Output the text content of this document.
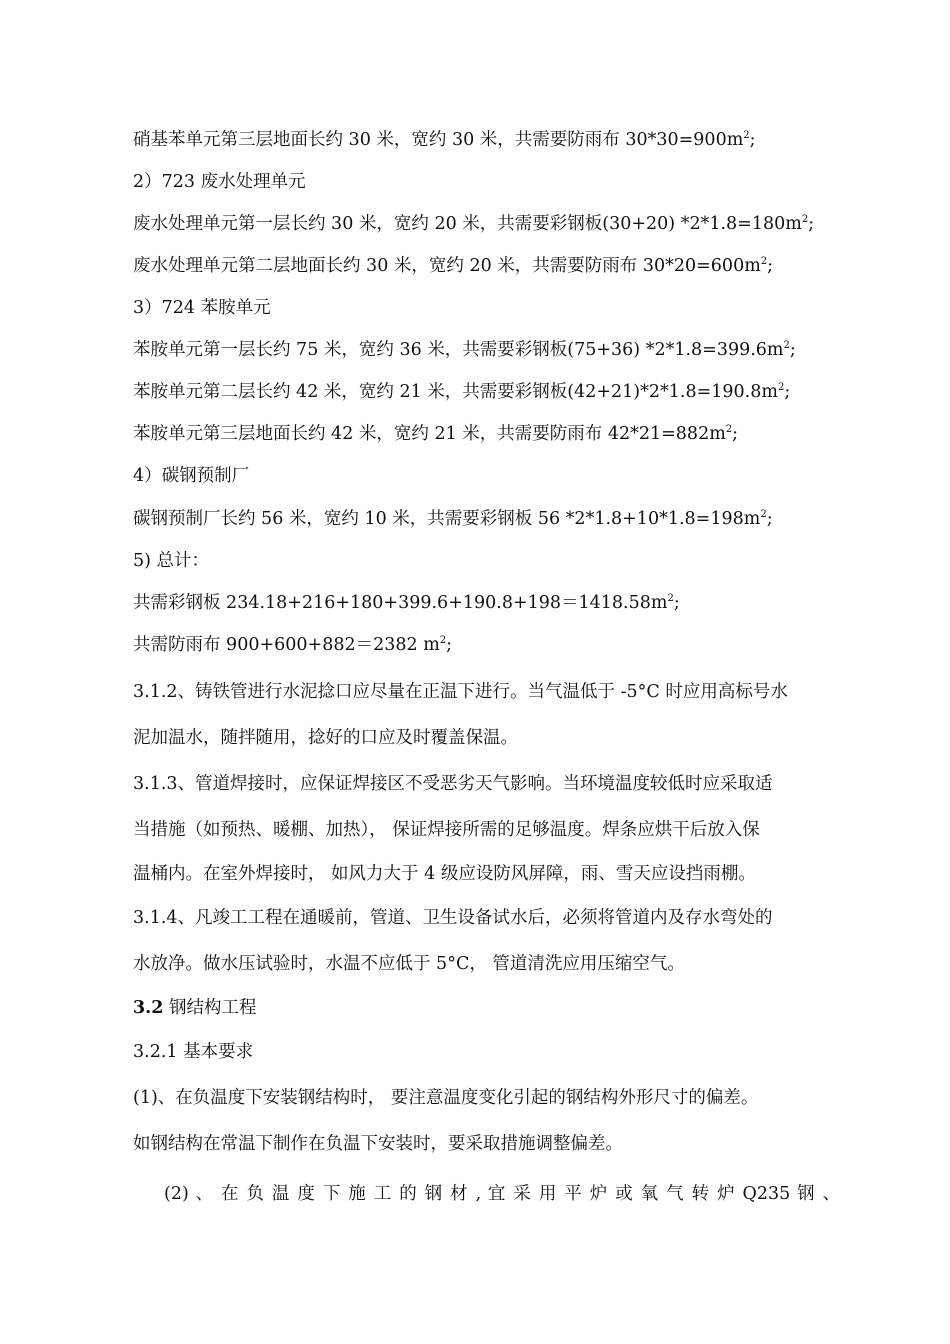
硝基苯单元第三层地面长约 30 米，宽约 30 米，共需要防雨布 $30*30=900m^2$;
2）723 废水处理单元
废水处理单元第一层长约 30 米，宽约 20 米，共需要彩钢板(30+20) $*2*1.8=180m^2$;
废水处理单元第二层地面长约 30 米，宽约 20 米，共需要防雨布 $30*20=600m^2$;
3）724 苯胺单元
苯胺单元第一层长约 75 米，宽约 36 米，共需要彩钢板(75+36) $*2*1.8=399.6m^2$;
苯胺单元第二层长约 42 米，宽约 21 米，共需要彩钢板$(42+21)*2*1.8=190.8m^2$;
苯胺单元第三层地面长约 42 米，宽约 21 米，共需要防雨布 $42*21=882m^2$;
4）碳钢预制厂
碳钢预制厂长约 56 米，宽约 10 米，共需要彩钢板 56 $*2*1.8+10*1.8=198m^2$;
5) 总计：
共需彩钢板 $234.18+216+180+399.6+190.8+198=1418.58m^2$;
共需防雨布 900+600+882＝2382 $m^2$;
3.1.2、铸铁管进行水泥捻口应尽量在正温下进行。当气温低于 -5°C 时应用高标号水
泥加温水，随拌随用，捻好的口应及时覆盖保温。
3.1.3、管道焊接时，应保证焊接区不受恶劣天气影响。当环境温度较低时应采取适
当措施（如预热、暖棚、加热）， 保证焊接所需的足够温度。焊条应烘干后放入保
温桶内。在室外焊接时， 如风力大于 4 级应设防风屏障，雨、雪天应设挡雨棚。
3.1.4、凡竣工工程在通暖前，管道、卫生设备试水后，必须将管道内及存水弯处的
水放净。做水压试验时，水温不应低于 5°C， 管道清洗应用压缩空气。
3.2 钢结构工程
3.2.1 基本要求
(1)、在负温度下安装钢结构时， 要注意温度变化引起的钢结构外形尺寸的偏差。
如钢结构在常温下制作在负温下安装时，要采取措施调整偏差。
(2) 、 在 负 温 度 下 施 工 的 钢 材 , 宜 采 用 平 炉 或 氧 气 转 炉 Q235 钢 、
